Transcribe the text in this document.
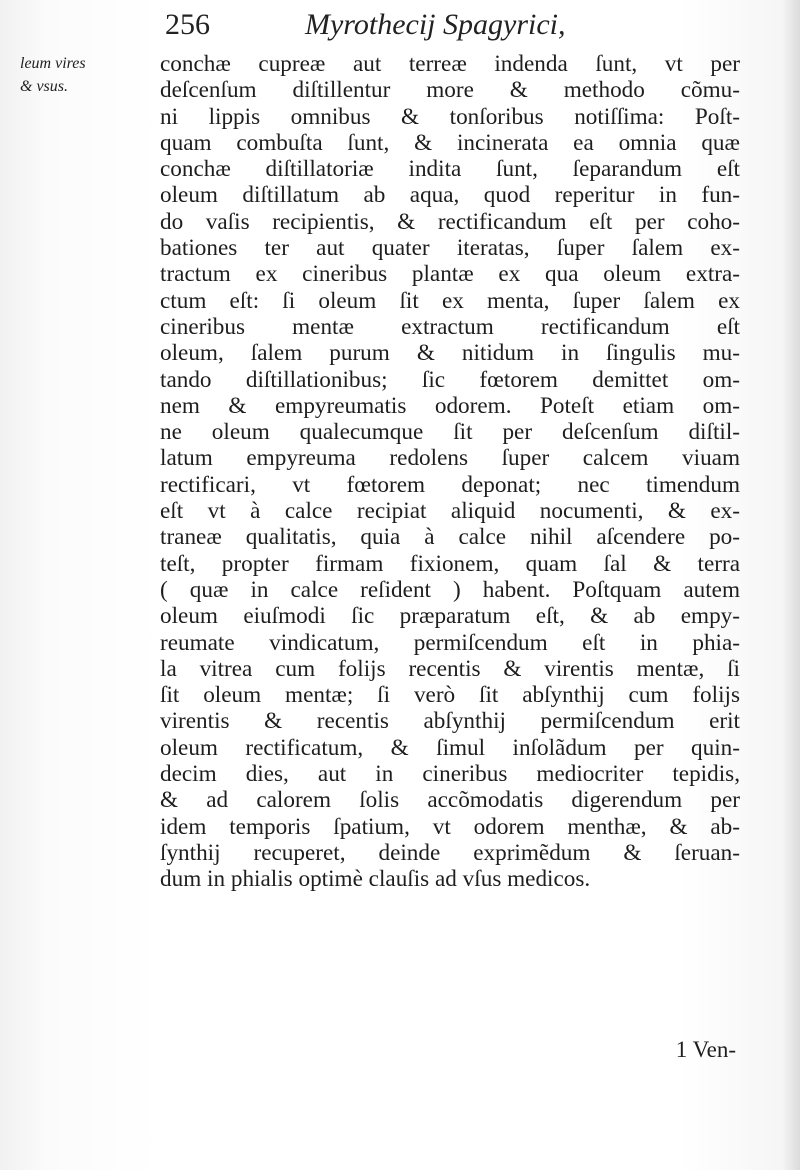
256	Myrothecij Spagyrici,
leum vires
& vsus.
conchæ cupreæ aut terreæ indenda ſunt, vt per
deſcenſum diſtillentur more & methodo cõmu-
ni lippis omnibus & tonſoribus notiſſima: Poſt-
quam combuſta ſunt, & incinerata ea omnia quæ
conchæ diſtillatoriæ indita ſunt, ſeparandum eſt
oleum diſtillatum ab aqua, quod reperitur in fun-
do vaſis recipientis, & rectificandum eſt per coho-
bationes ter aut quater iteratas, ſuper ſalem ex-
tractum ex cineribus plantæ ex qua oleum extra-
ctum eſt: ſi oleum ſit ex menta, ſuper ſalem ex
cineribus mentæ extractum rectificandum eſt
oleum, ſalem purum & nitidum in ſingulis mu-
tando diſtillationibus; ſic fœtorem demittet om-
nem & empyreumatis odorem. Poteſt etiam om-
ne oleum qualecumque ſit per deſcenſum diſtil-
latum empyreuma redolens ſuper calcem viuam
rectificari, vt fœtorem deponat; nec timendum
eſt vt à calce recipiat aliquid nocumenti, & ex-
traneæ qualitatis, quia à calce nihil aſcendere po-
teſt, propter firmam fixionem, quam ſal & terra
( quæ in calce reſident ) habent. Poſtquam autem
oleum eiuſmodi ſic præparatum eſt, & ab empy-
reumate vindicatum, permiſcendum eſt in phia-
la vitrea cum folijs recentis & virentis mentæ, ſi
ſit oleum mentæ; ſi verò ſit abſynthij cum folijs
virentis & recentis abſynthij permiſcendum erit
oleum rectificatum, & ſimul inſolãdum per quin-
decim dies, aut in cineribus mediocriter tepidis,
& ad calorem ſolis accõmodatis digerendum per
idem temporis ſpatium, vt odorem menthæ, & ab-
ſynthij recuperet, deinde exprimẽdum & ſeruan-
dum in phialis optimè clauſis ad vſus medicos.
1 Ven-
